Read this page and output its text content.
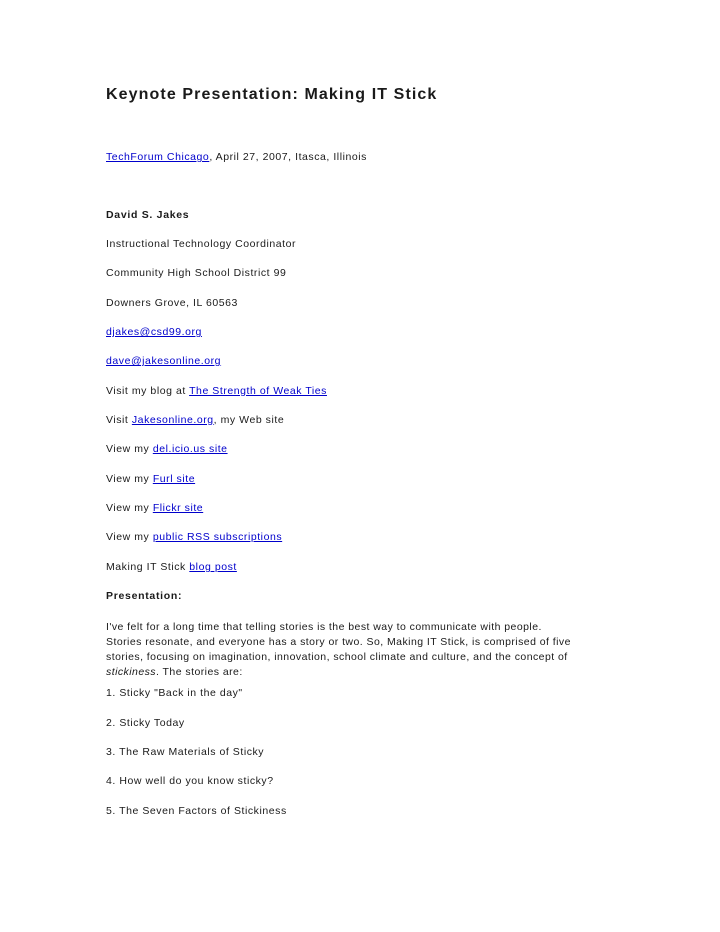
Keynote Presentation: Making IT Stick
TechForum Chicago, April 27, 2007, Itasca, Illinois
David S. Jakes
Instructional Technology Coordinator
Community High School District 99
Downers Grove, IL 60563
djakes@csd99.org
dave@jakesonline.org
Visit my blog at The Strength of Weak Ties
Visit Jakesonline.org, my Web site
View my del.icio.us site
View my Furl site
View my Flickr site
View my public RSS subscriptions
Making IT Stick blog post
Presentation:

I've felt for a long time that telling stories is the best way to communicate with people.

Stories resonate, and everyone has a story or two. So, Making IT Stick, is comprised of five

stories, focusing on imagination, innovation, school climate and culture, and the concept of

stickiness. The stories are:

1. Sticky "Back in the day"
2. Sticky Today
3. The Raw Materials of Sticky
4. How well do you know sticky?
5. The Seven Factors of Stickiness
